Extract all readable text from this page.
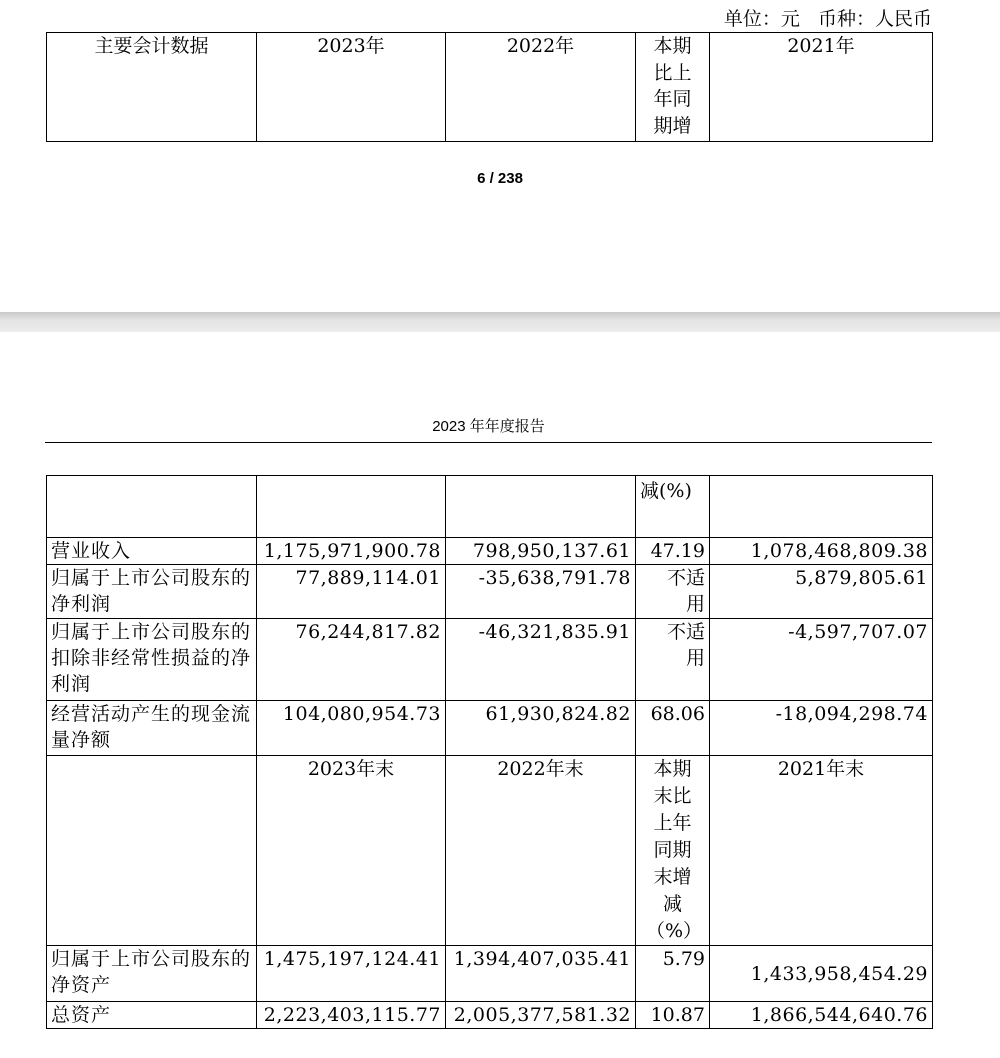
单位：元   币种：人民币
主要会计数据	2023年	2022年	本期比上年同期增	2021年
6 / 238
2023 年年度报告
			减(%)	
营业收入	1,175,971,900.78	798,950,137.61	47.19	1,078,468,809.38
归属于上市公司股东的净利润	77,889,114.01	-35,638,791.78	不适用	5,879,805.61
归属于上市公司股东的扣除非经常性损益的净利润	76,244,817.82	-46,321,835.91	不适用	-4,597,707.07
经营活动产生的现金流量净额	104,080,954.73	61,930,824.82	68.06	-18,094,298.74
	2023年末	2022年末	本期末比上年同期末增减（%）	2021年末
归属于上市公司股东的净资产	1,475,197,124.41	1,394,407,035.41	5.79	1,433,958,454.29
总资产	2,223,403,115.77	2,005,377,581.32	10.87	1,866,544,640.76
